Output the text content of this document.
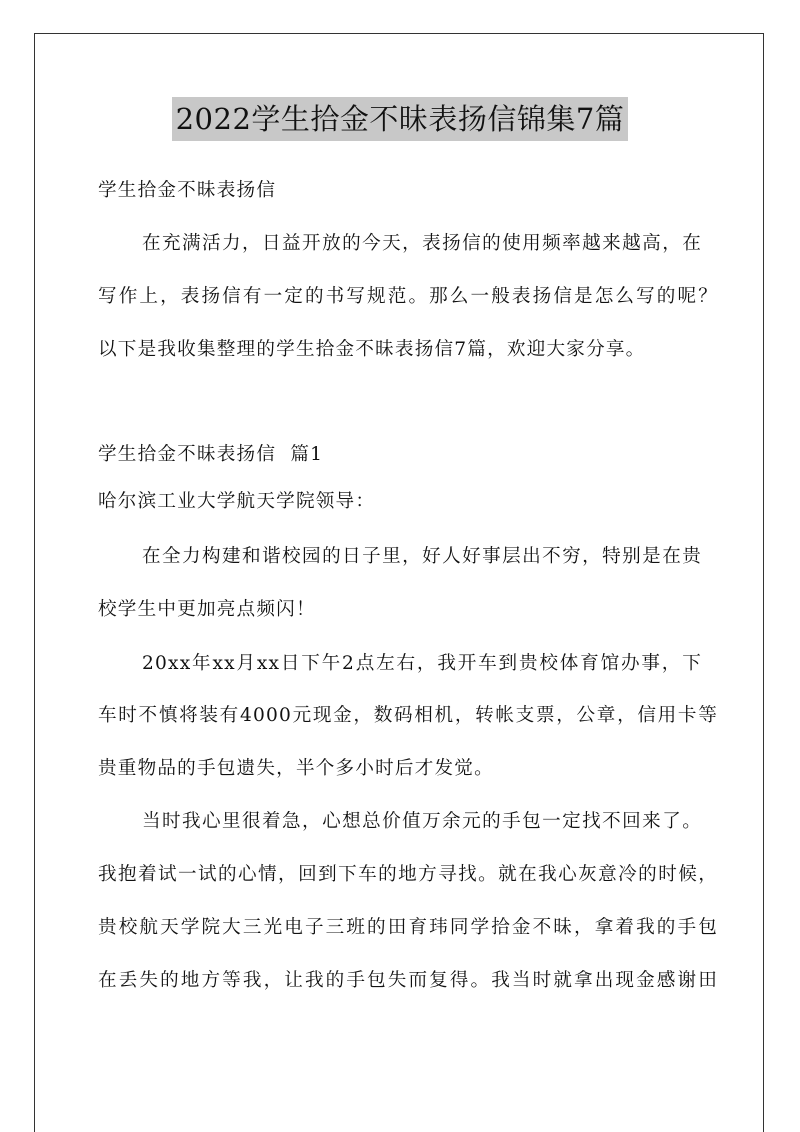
2022学生拾金不昧表扬信锦集7篇
学生拾金不昧表扬信
在充满活力，日益开放的今天，表扬信的使用频率越来越高，在
写作上，表扬信有一定的书写规范。那么一般表扬信是怎么写的呢？
以下是我收集整理的学生拾金不昧表扬信7篇，欢迎大家分享。
学生拾金不昧表扬信  篇1
哈尔滨工业大学航天学院领导：
在全力构建和谐校园的日子里，好人好事层出不穷，特别是在贵
校学生中更加亮点频闪！
20xx年xx月xx日下午2点左右，我开车到贵校体育馆办事，下
车时不慎将装有4000元现金，数码相机，转帐支票，公章，信用卡等
贵重物品的手包遗失，半个多小时后才发觉。
当时我心里很着急，心想总价值万余元的手包一定找不回来了。
我抱着试一试的心情，回到下车的地方寻找。就在我心灰意冷的时候，
贵校航天学院大三光电子三班的田育玮同学拾金不昧，拿着我的手包
在丢失的地方等我，让我的手包失而复得。我当时就拿出现金感谢田
